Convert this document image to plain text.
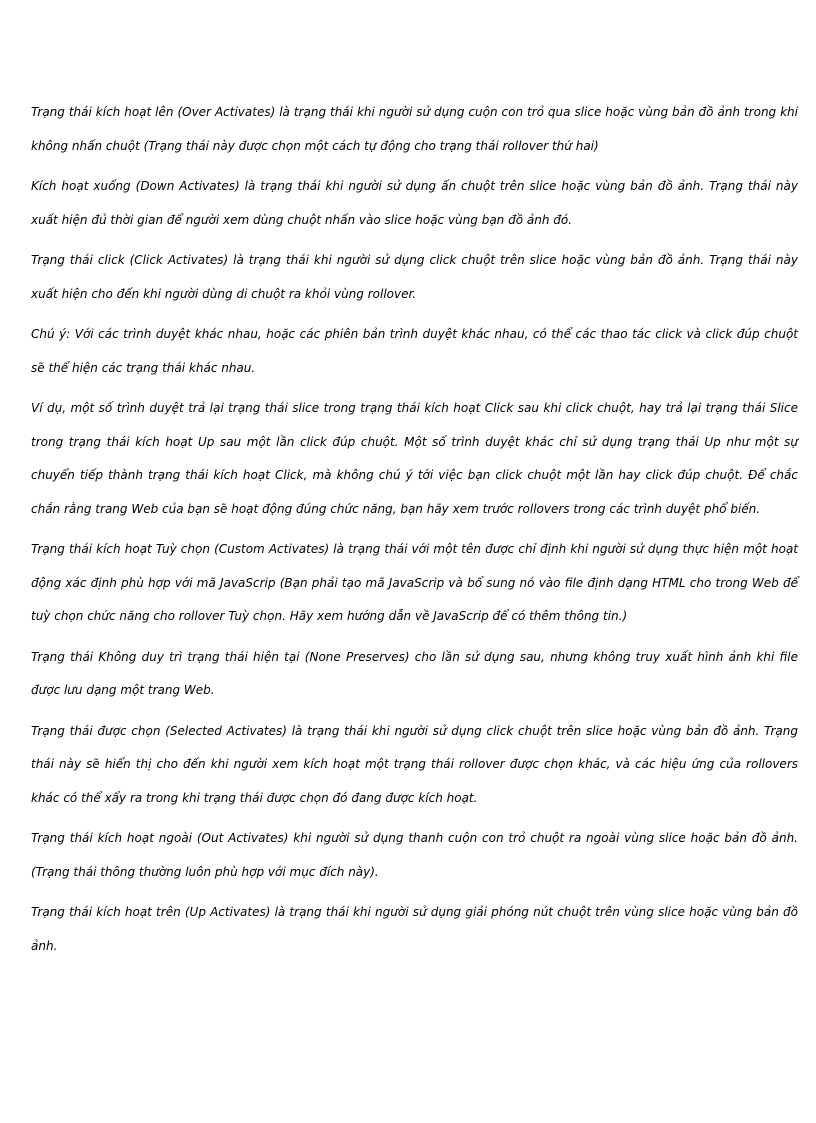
Trạng thái kích hoạt lên (Over Activates) là trạng thái khi người sử dụng cuộn con trỏ qua slice hoặc vùng bản đồ ảnh trong khi không nhấn chuột (Trạng thái này được chọn một cách tự động cho trạng thái rollover thứ hai)

Kích hoạt xuống (Down Activates) là trạng thái khi người sử dụng ấn chuột trên slice hoặc vùng bản đồ ảnh. Trạng thái này xuất hiện đủ thời gian để người xem dùng chuột nhấn vào slice hoặc vùng bạn đồ ảnh đó.

Trạng thái click (Click Activates) là trạng thái khi người sử dụng click chuột trên slice hoặc vùng bản đồ ảnh. Trạng thái này xuất hiện cho đến khi người dùng di chuột ra khỏi vùng rollover.

Chú ý: Với các trình duyệt khác nhau, hoặc các phiên bản trình duyệt khác nhau, có thể các thao tác click và click đúp chuột sẽ thể hiện các trạng thái khác nhau.

Ví dụ, một số trình duyệt trả lại trạng thái slice trong trạng thái kích hoạt Click sau khi click chuột, hay trả lại trạng thái Slice trong trạng thái kích hoạt Up sau một lần click đúp chuột. Một số trình duyệt khác chỉ sử dụng trạng thái Up như một sự chuyển tiếp thành trạng thái kích hoạt Click, mà không chú ý tới việc bạn click chuột một lần hay click đúp chuột. Để chắc chắn rằng trang Web của bạn sẽ hoạt động đúng chức năng, bạn hãy xem trước rollovers trong các trình duyệt phổ biến.

Trạng thái kích hoạt Tuỳ chọn (Custom Activates) là trạng thái với một tên được chỉ định khi người sử dụng thực hiện một hoạt động xác định phù hợp với mã JavaScrip (Bạn phải tạo mã JavaScrip và bổ sung nó vào file định dạng HTML cho trong Web để tuỳ chọn chức năng cho rollover Tuỳ chọn. Hãy xem hướng dẫn về JavaScrip để có thêm thông tin.)

Trạng thái Không duy trì trạng thái hiện tại (None Preserves) cho lần sử dụng sau, nhưng không truy xuất hình ảnh khi file được lưu dạng một trang Web.

Trạng thái được chọn (Selected Activates) là trạng thái khi người sử dụng click chuột trên slice hoặc vùng bản đồ ảnh. Trạng thái này sẽ hiển thị cho đến khi người xem kích hoạt một trạng thái rollover được chọn khác, và các hiệu ứng của rollovers khác có thể xẩy ra trong khi trạng thái được chọn đó đang được kích hoạt.

Trạng thái kích hoạt ngoài (Out Activates) khi người sử dụng thanh cuộn con trỏ chuột ra ngoài vùng slice hoặc bản đồ ảnh. (Trạng thái thông thường luôn phù hợp với mục đích này).

Trạng thái kích hoạt trên (Up Activates) là trạng thái khi người sử dụng giải phóng nút chuột trên vùng slice hoặc vùng bản đồ ảnh.
